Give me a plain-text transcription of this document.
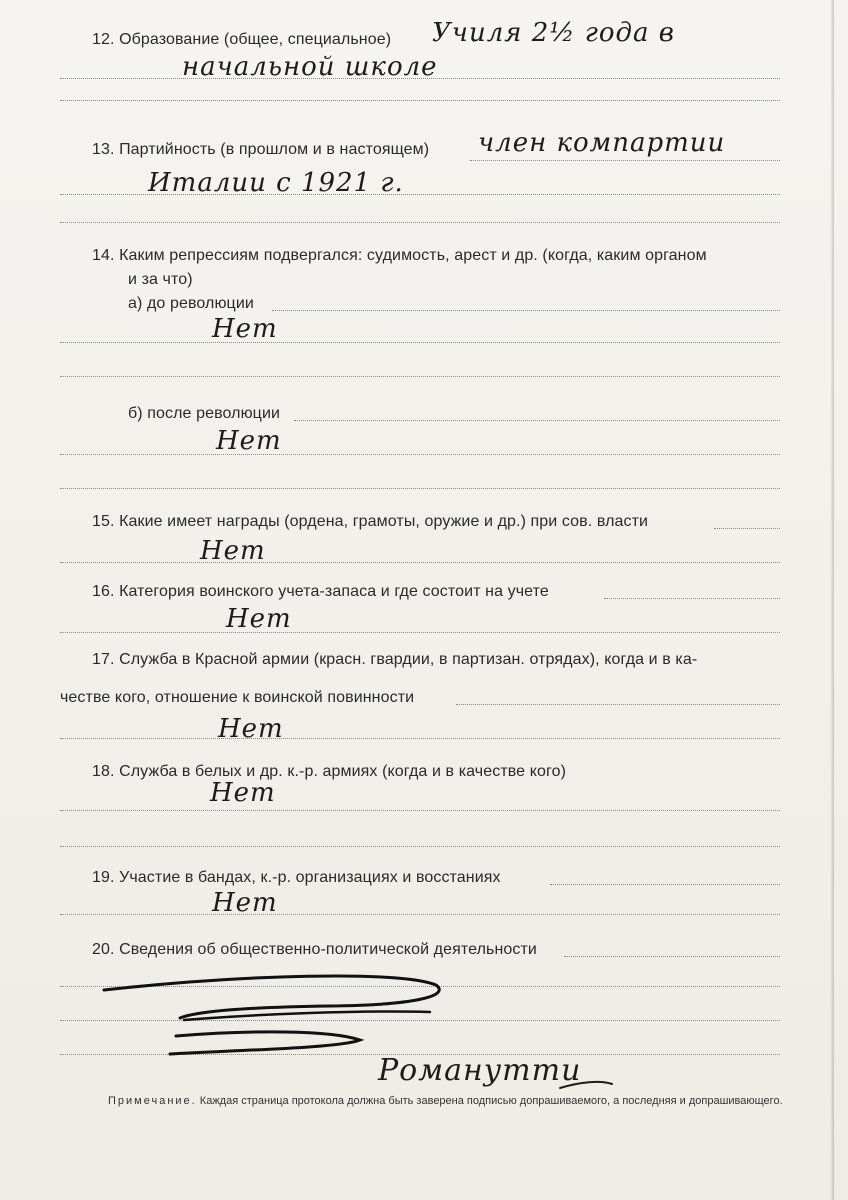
12. Образование (общее, специальное) Училя 2½ года в
начальной школе
13. Партийность (в прошлом и в настоящем) член компартии
Италии с 1921 г.
14. Каким репрессиям подвергался: судимость, арест и др. (когда, каким органом
и за что)
а) до революции
Нет
б) после революции
Нет
15. Какие имеет награды (ордена, грамоты, оружие и др.) при сов. власти
Нет
16. Категория воинского учета-запаса и где состоит на учете
Нет
17. Служба в Красной армии (красн. гвардии, в партизан. отрядах), когда и в ка-
честве кого, отношение к воинской повинности
Нет
18. Служба в белых и др. к.-р. армиях (когда и в качестве кого)
Нет
19. Участие в бандах, к.-р. организациях и восстаниях
Нет
20. Сведения об общественно-политической деятельности
Романутти
Примечание. Каждая страница протокола должна быть заверена подписью допрашиваемого, а последняя и допрашивающего.
